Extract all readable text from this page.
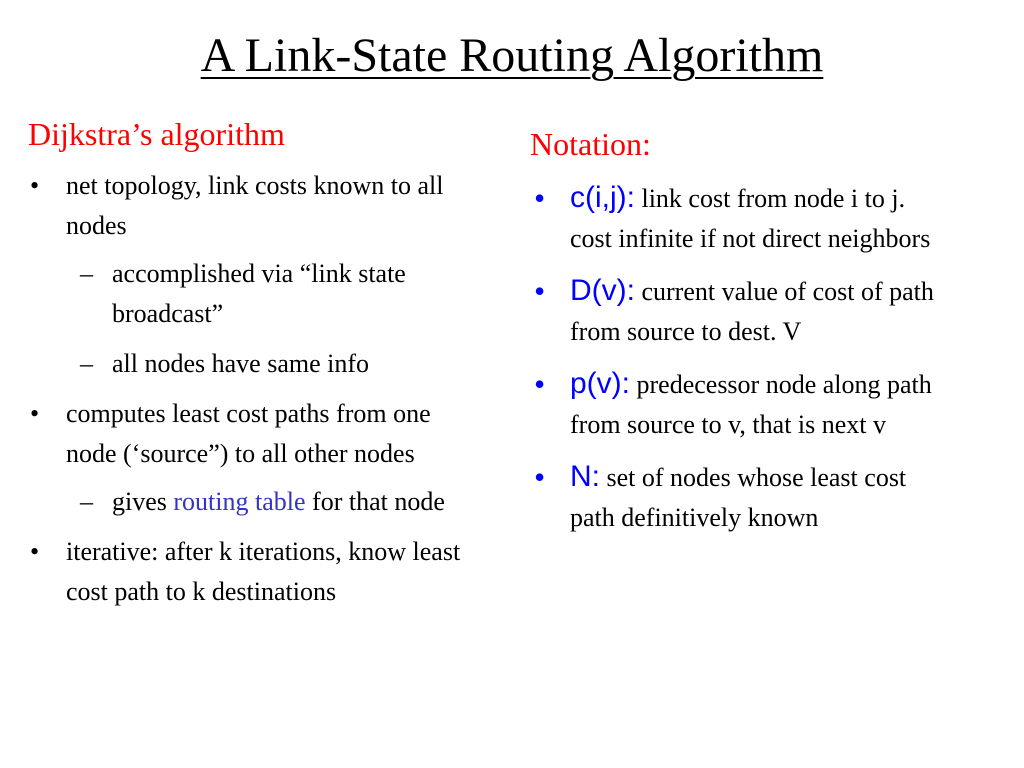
A Link-State Routing Algorithm
Dijkstra’s algorithm
• net topology, link costs known to all nodes
– accomplished via “link state broadcast”
– all nodes have same info
• computes least cost paths from one node (‘source”) to all other nodes
– gives routing table for that node
• iterative: after k iterations, know least cost path to k destinations
Notation:
• c(i,j): link cost from node i to j. cost infinite if not direct neighbors
• D(v): current value of cost of path from source to dest. V
• p(v): predecessor node along path from source to v, that is next v
• N: set of nodes whose least cost path definitively known
